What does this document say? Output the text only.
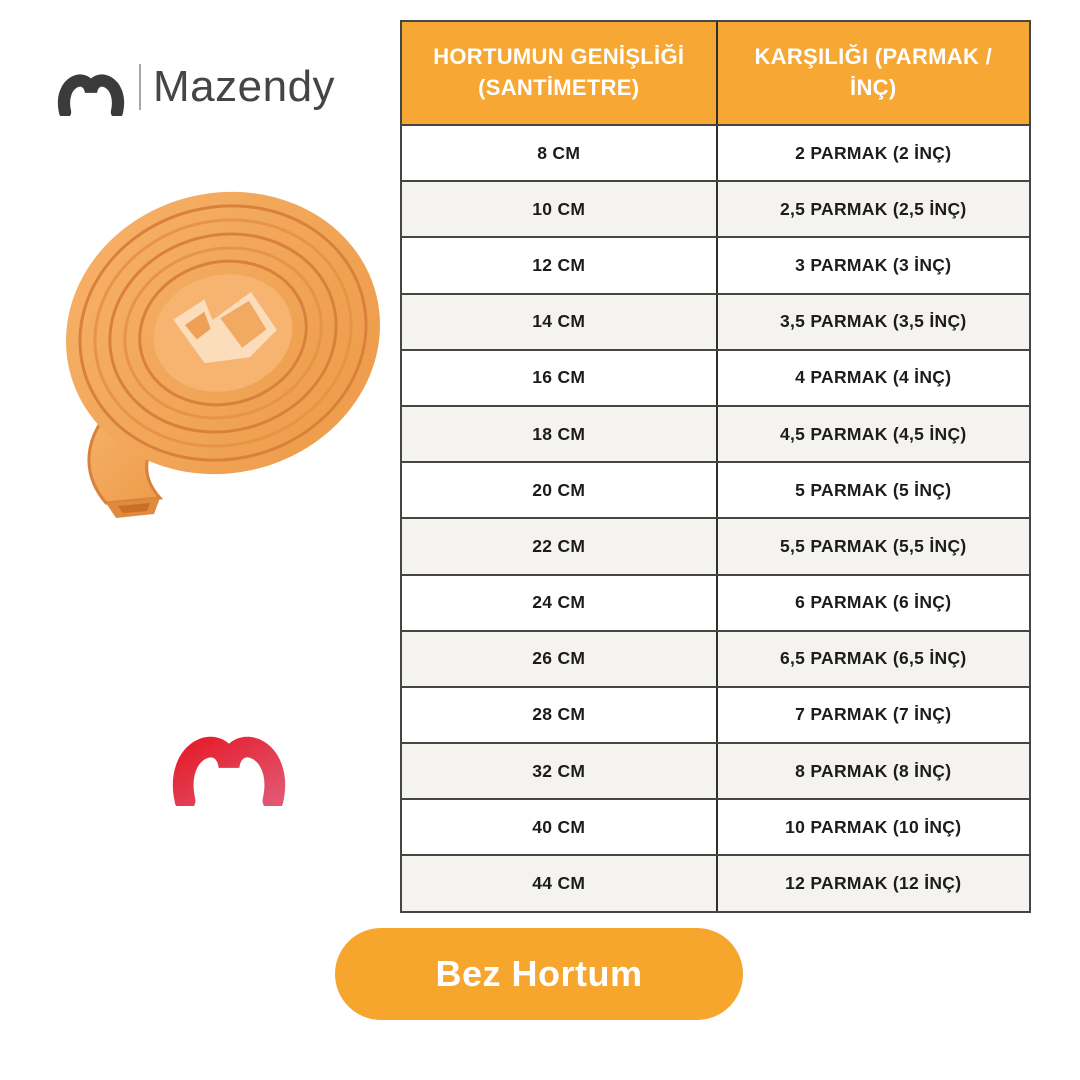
Mazendy
HORTUMUN GENİŞLİĞİ (SANTİMETRE)
KARŞILIĞI (PARMAK / İNÇ)
8 CM	2 PARMAK (2 İNÇ)
10 CM	2,5 PARMAK (2,5 İNÇ)
12 CM	3 PARMAK (3 İNÇ)
14 CM	3,5 PARMAK (3,5 İNÇ)
16 CM	4 PARMAK (4 İNÇ)
18 CM	4,5 PARMAK (4,5 İNÇ)
20 CM	5 PARMAK (5 İNÇ)
22 CM	5,5 PARMAK (5,5 İNÇ)
24 CM	6 PARMAK (6 İNÇ)
26 CM	6,5 PARMAK (6,5 İNÇ)
28 CM	7 PARMAK (7 İNÇ)
32 CM	8 PARMAK (8 İNÇ)
40 CM	10 PARMAK (10 İNÇ)
44 CM	12 PARMAK (12 İNÇ)
Bez Hortum
